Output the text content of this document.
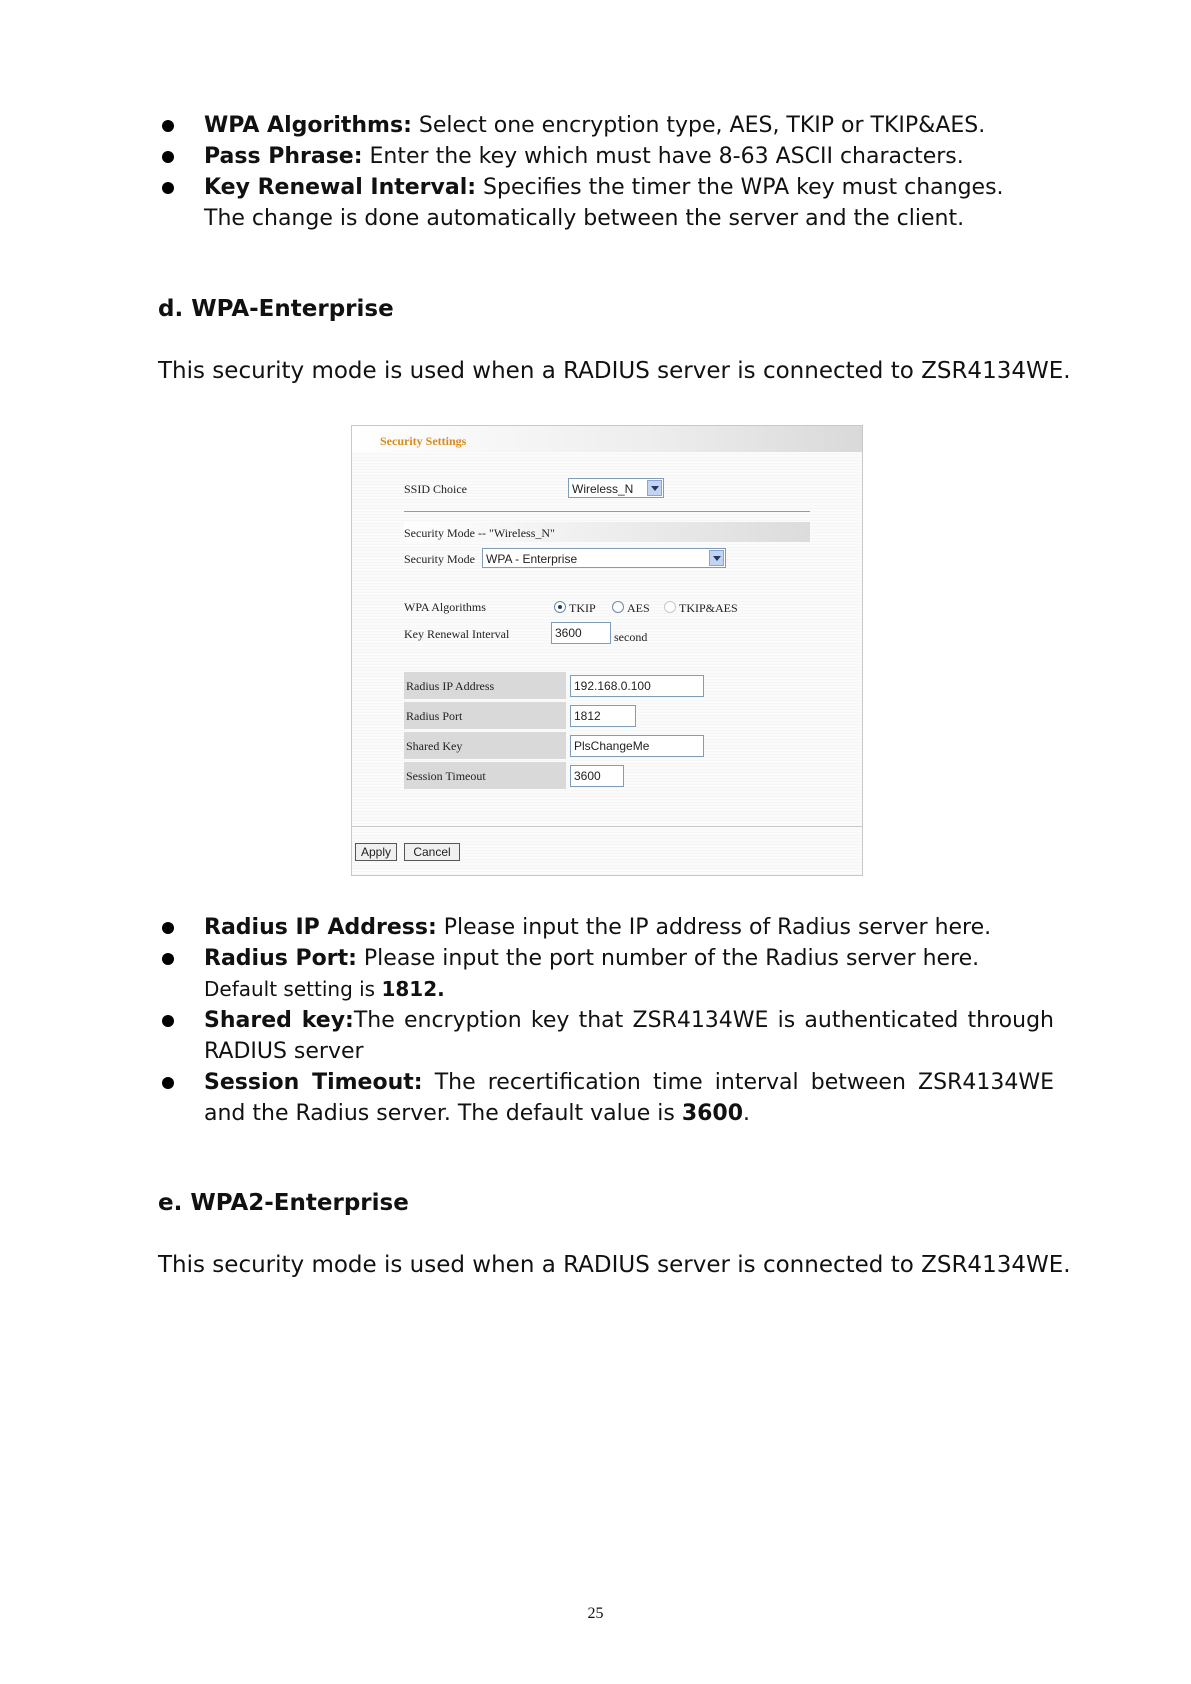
WPA Algorithms: Select one encryption type, AES, TKIP or TKIP&AES.
Pass Phrase: Enter the key which must have 8-63 ASCII characters.
Key Renewal Interval: Specifies the timer the WPA key must changes.
The change is done automatically between the server and the client.
d. WPA-Enterprise
This security mode is used when a RADIUS server is connected to ZSR4134WE.
Security Settings
SSID Choice	Wireless_N
Security Mode -- "Wireless_N"
Security Mode WPA - Enterprise
WPA Algorithms	TKIP	AES TKIP&AES
Key Renewal Interval	3600	second
Radius IP Address	192.168.0.100
Radius Port	1812
Shared Key	PlsChangeMe
Session Timeout	3600
Apply	Cancel
Radius IP Address: Please input the IP address of Radius server here.
Radius Port: Please input the port number of the Radius server here.
Default setting is 1812.
Shared key:The encryption key that ZSR4134WE is authenticated through RADIUS server
Session Timeout: The recertification time interval between ZSR4134WE and the Radius server. The default value is 3600.
e. WPA2-Enterprise
This security mode is used when a RADIUS server is connected to ZSR4134WE.
25
